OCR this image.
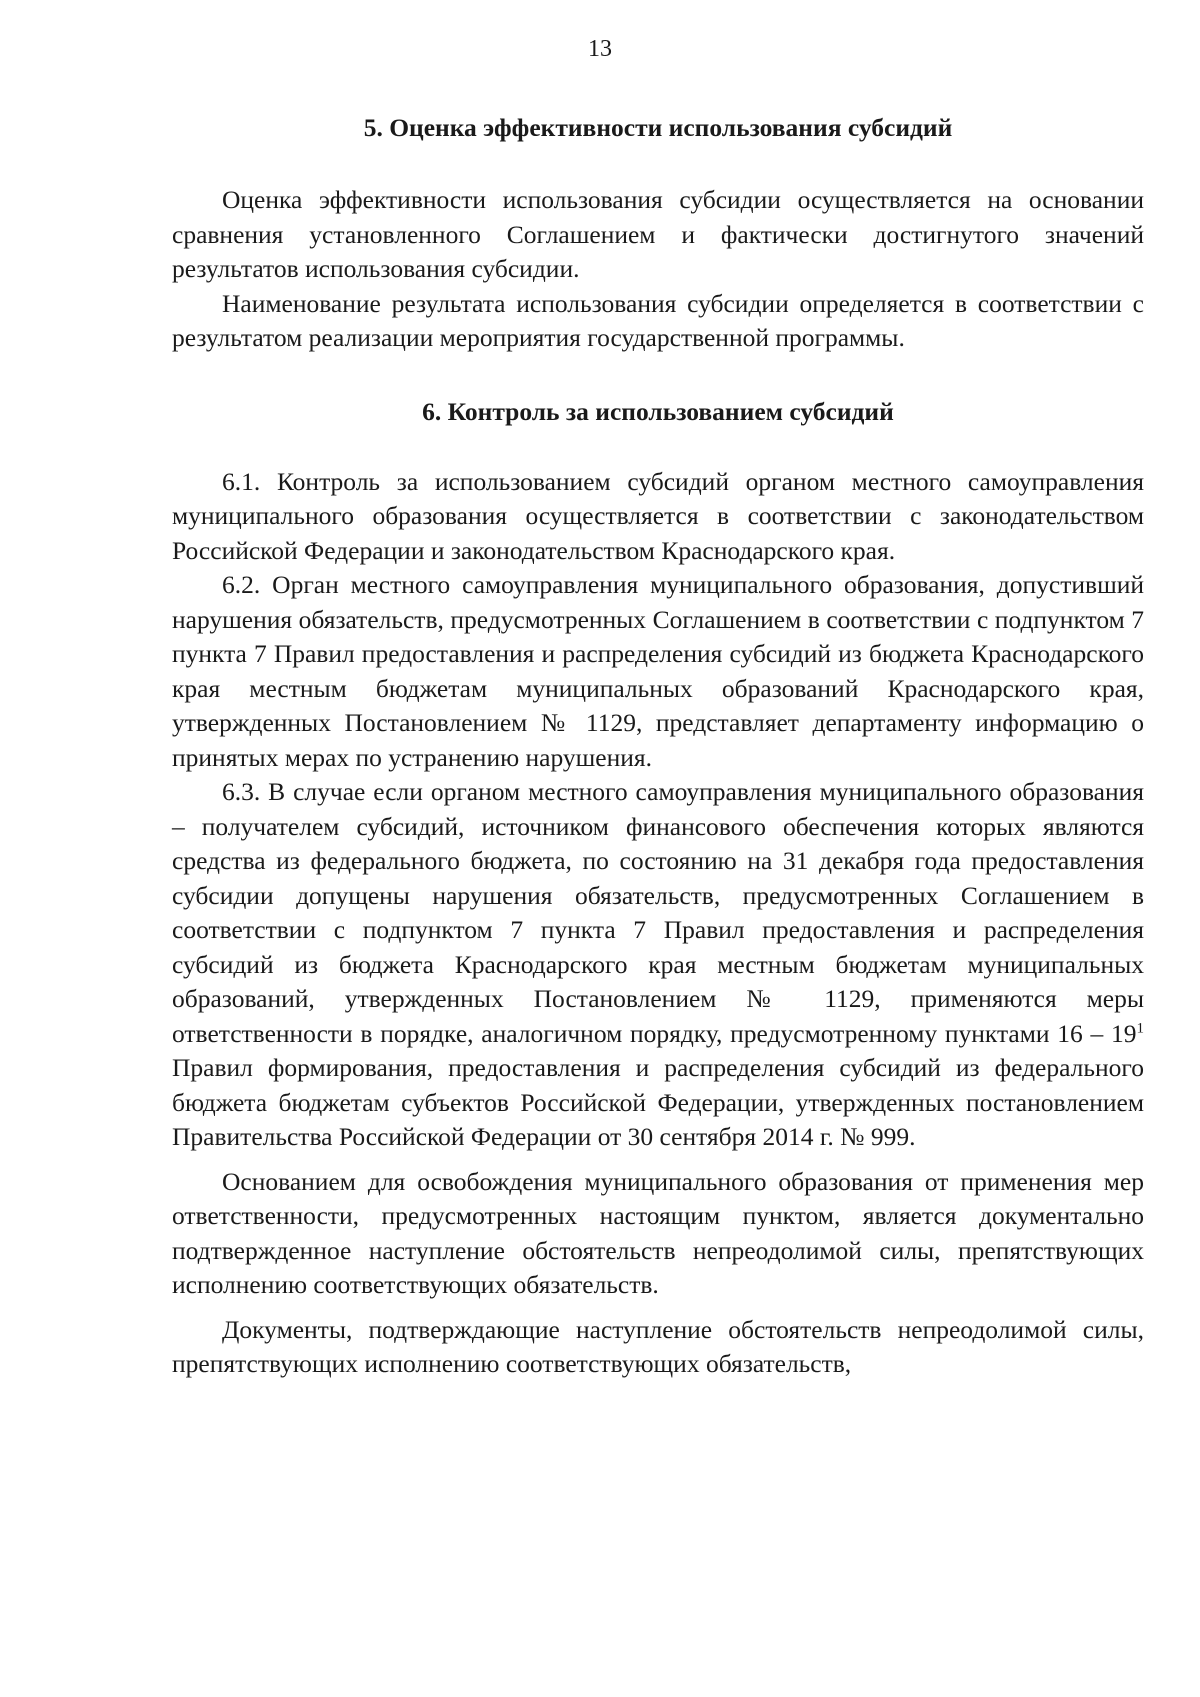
13
5. Оценка эффективности использования субсидий

Оценка эффективности использования субсидии осуществляется на основании сравнения установленного Соглашением и фактически достигнутого значений результатов использования субсидии.

Наименование результата использования субсидии определяется в соответствии с результатом реализации мероприятия государственной программы.

6. Контроль за использованием субсидий

6.1. Контроль за использованием субсидий органом местного самоуправления муниципального образования осуществляется в соответствии с законодательством Российской Федерации и законодательством Краснодарского края.

6.2. Орган местного самоуправления муниципального образования, допустивший нарушения обязательств, предусмотренных Соглашением в соответствии с подпунктом 7 пункта 7 Правил предоставления и распределения субсидий из бюджета Краснодарского края местным бюджетам муниципальных образований Краснодарского края, утвержденных Постановлением № 1129, представляет департаменту информацию о принятых мерах по устранению нарушения.

6.3. В случае если органом местного самоуправления муниципального образования – получателем субсидий, источником финансового обеспечения которых являются средства из федерального бюджета, по состоянию на 31 декабря года предоставления субсидии допущены нарушения обязательств, предусмотренных Соглашением в соответствии с подпунктом 7 пункта 7 Правил предоставления и распределения субсидий из бюджета Краснодарского края местным бюджетам муниципальных образований, утвержденных Постановлением № 1129, применяются меры ответственности в порядке, аналогичном порядку, предусмотренному пунктами $16 - 19^1$ Правил формирования, предоставления и распределения субсидий из федерального бюджета бюджетам субъектов Российской Федерации, утвержденных постановлением Правительства Российской Федерации от 30 сентября 2014 г. № 999.

Основанием для освобождения муниципального образования от применения мер ответственности, предусмотренных настоящим пунктом, является документально подтвержденное наступление обстоятельств непреодолимой силы, препятствующих исполнению соответствующих обязательств.

Документы, подтверждающие наступление обстоятельств непреодолимой силы, препятствующих исполнению соответствующих обязательств,
